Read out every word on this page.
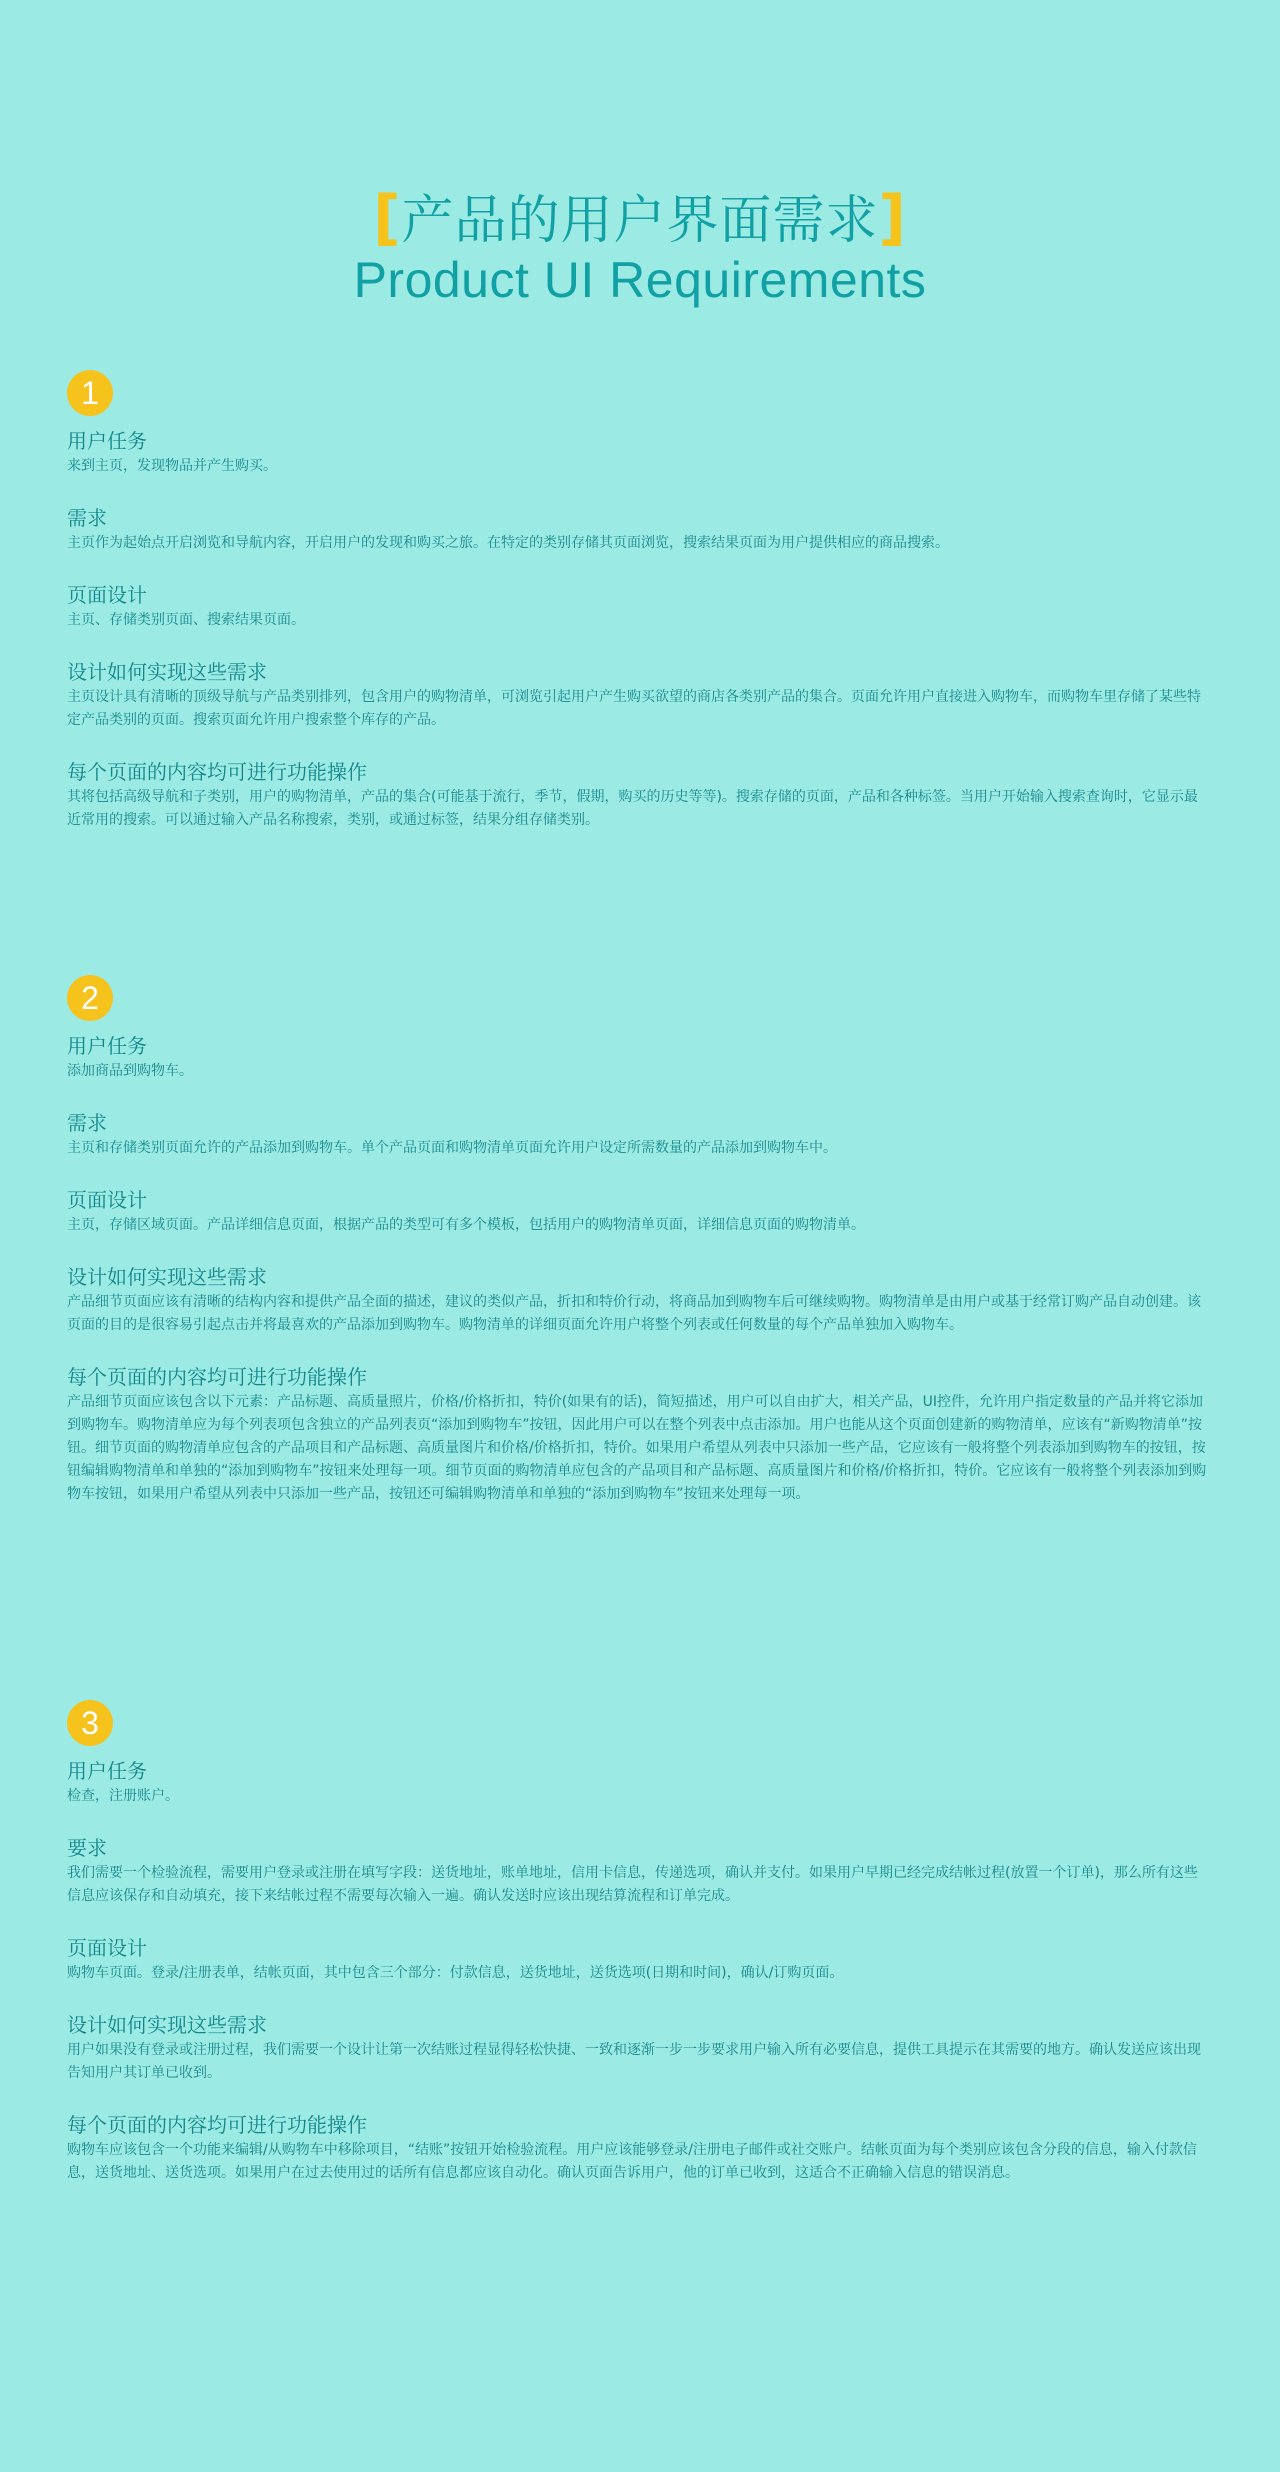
[产品的用户界面需求]
Product UI Requirements
1
用户任务
来到主页，发现物品并产生购买。
需求
主页作为起始点开启浏览和导航内容，开启用户的发现和购买之旅。在特定的类别存储其页面浏览，搜索结果页面为用户提供相应的商品搜索。
页面设计
主页、存储类别页面、搜索结果页面。
设计如何实现这些需求
主页设计具有清晰的顶级导航与产品类别排列，包含用户的购物清单，可浏览引起用户产生购买欲望的商店各类别产品的集合。页面允许用户直接进入购物车，而购物车里存储了某些特定产品类别的页面。搜索页面允许用户搜索整个库存的产品。
每个页面的内容均可进行功能操作
其将包括高级导航和子类别，用户的购物清单，产品的集合(可能基于流行，季节，假期，购买的历史等等)。搜索存储的页面，产品和各种标签。当用户开始输入搜索查询时，它显示最近常用的搜索。可以通过输入产品名称搜索，类别，或通过标签，结果分组存储类别。
2
用户任务
添加商品到购物车。
需求
主页和存储类别页面允许的产品添加到购物车。单个产品页面和购物清单页面允许用户设定所需数量的产品添加到购物车中。
页面设计
主页，存储区域页面。产品详细信息页面，根据产品的类型可有多个模板，包括用户的购物清单页面，详细信息页面的购物清单。
设计如何实现这些需求
产品细节页面应该有清晰的结构内容和提供产品全面的描述，建议的类似产品，折扣和特价行动，将商品加到购物车后可继续购物。购物清单是由用户或基于经常订购产品自动创建。该页面的目的是很容易引起点击并将最喜欢的产品添加到购物车。购物清单的详细页面允许用户将整个列表或任何数量的每个产品单独加入购物车。
每个页面的内容均可进行功能操作
产品细节页面应该包含以下元素：产品标题、高质量照片，价格/价格折扣，特价(如果有的话)，简短描述，用户可以自由扩大，相关产品，UI控件，允许用户指定数量的产品并将它添加到购物车。购物清单应为每个列表项包含独立的产品列表页“添加到购物车”按钮，因此用户可以在整个列表中点击添加。用户也能从这个页面创建新的购物清单，应该有“新购物清单”按钮。细节页面的购物清单应包含的产品项目和产品标题、高质量图片和价格/价格折扣，特价。如果用户希望从列表中只添加一些产品，它应该有一般将整个列表添加到购物车的按钮，按钮编辑购物清单和单独的“添加到购物车”按钮来处理每一项。细节页面的购物清单应包含的产品项目和产品标题、高质量图片和价格/价格折扣，特价。它应该有一般将整个列表添加到购物车按钮，如果用户希望从列表中只添加一些产品，按钮还可编辑购物清单和单独的“添加到购物车”按钮来处理每一项。
3
用户任务
检查，注册账户。
要求
我们需要一个检验流程，需要用户登录或注册在填写字段：送货地址，账单地址，信用卡信息，传递选项，确认并支付。如果用户早期已经完成结帐过程(放置一个订单)，那么所有这些信息应该保存和自动填充，接下来结帐过程不需要每次输入一遍。确认发送时应该出现结算流程和订单完成。
页面设计
购物车页面。登录/注册表单，结帐页面，其中包含三个部分：付款信息，送货地址，送货选项(日期和时间)，确认/订购页面。
设计如何实现这些需求
用户如果没有登录或注册过程，我们需要一个设计让第一次结账过程显得轻松快捷、一致和逐渐一步一步要求用户输入所有必要信息，提供工具提示在其需要的地方。确认发送应该出现告知用户其订单已收到。
每个页面的内容均可进行功能操作
购物车应该包含一个功能来编辑/从购物车中移除项目，“结账”按钮开始检验流程。用户应该能够登录/注册电子邮件或社交账户。结帐页面为每个类别应该包含分段的信息，输入付款信息，送货地址、送货选项。如果用户在过去使用过的话所有信息都应该自动化。确认页面告诉用户，他的订单已收到，这适合不正确输入信息的错误消息。
